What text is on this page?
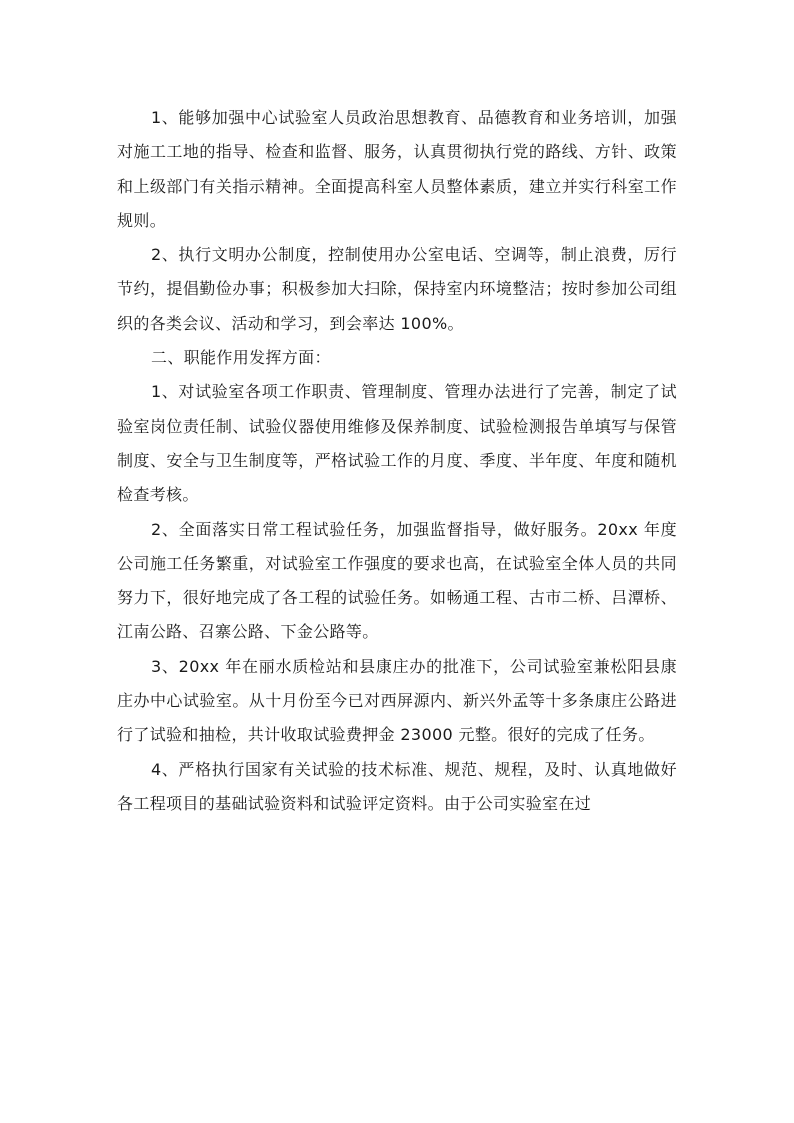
1、能够加强中心试验室人员政治思想教育、品德教育和业务培训，加强对施工工地的指导、检查和监督、服务，认真贯彻执行党的路线、方针、政策和上级部门有关指示精神。全面提高科室人员整体素质，建立并实行科室工作规则。

2、执行文明办公制度，控制使用办公室电话、空调等，制止浪费，厉行节约，提倡勤俭办事；积极参加大扫除，保持室内环境整洁；按时参加公司组织的各类会议、活动和学习，到会率达 100%。

二、职能作用发挥方面：

1、对试验室各项工作职责、管理制度、管理办法进行了完善，制定了试验室岗位责任制、试验仪器使用维修及保养制度、试验检测报告单填写与保管制度、安全与卫生制度等，严格试验工作的月度、季度、半年度、年度和随机检查考核。

2、全面落实日常工程试验任务，加强监督指导，做好服务。20xx 年度公司施工任务繁重，对试验室工作强度的要求也高，在试验室全体人员的共同努力下，很好地完成了各工程的试验任务。如畅通工程、古市二桥、吕潭桥、江南公路、召寨公路、下金公路等。

3、20xx 年在丽水质检站和县康庄办的批准下，公司试验室兼松阳县康庄办中心试验室。从十月份至今已对西屏源内、新兴外孟等十多条康庄公路进行了试验和抽检，共计收取试验费押金 23000 元整。很好的完成了任务。

4、严格执行国家有关试验的技术标准、规范、规程，及时、认真地做好各工程项目的基础试验资料和试验评定资料。由于公司实验室在过
